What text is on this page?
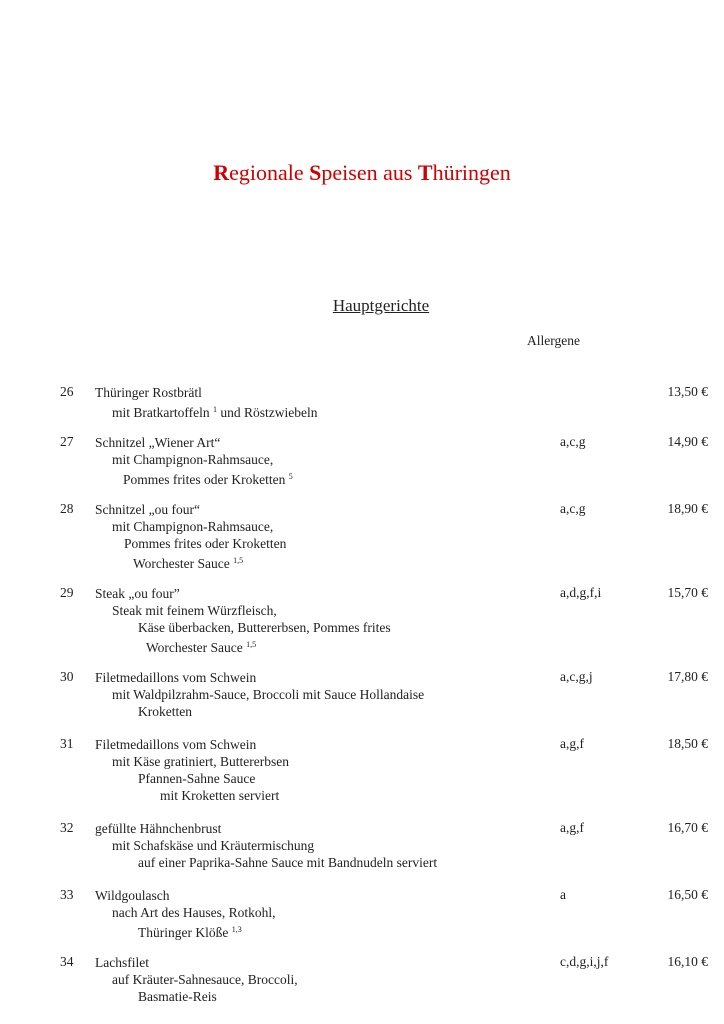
Regionale Speisen aus Thüringen
Hauptgerichte
Allergene
26	13,50 €
Thüringer Rostbrätl
mit Bratkartoffeln $^1$ und Röstzwiebeln
27	a,c,g	14,90 €
Schnitzel „Wiener Art“
mit Champignon-Rahmsauce,
Pommes frites oder Kroketten $^5$
28	a,c,g	18,90 €
Schnitzel „ou four“
mit Champignon-Rahmsauce,
Pommes frites oder Kroketten
Worchester Sauce $^{1,5}$
29	a,d,g,f,i	15,70 €
Steak „ou four”
Steak mit feinem Würzfleisch,
Käse überbacken, Buttererbsen, Pommes frites
Worchester Sauce $^{1,5}$
30	a,c,g,j	17,80 €
Filetmedaillons vom Schwein
mit Waldpilzrahm-Sauce, Broccoli mit Sauce Hollandaise
Kroketten
31	a,g,f	18,50 €
Filetmedaillons vom Schwein
mit Käse gratiniert, Buttererbsen
Pfannen-Sahne Sauce
mit Kroketten serviert
32	a,g,f	16,70 €
gefüllte Hähnchenbrust
mit Schafskäse und Kräutermischung
auf einer Paprika-Sahne Sauce mit Bandnudeln serviert
33	a	16,50 €
Wildgoulasch
nach Art des Hauses, Rotkohl,
Thüringer Klöße $^{1,3}$
34	c,d,g,i,j,f	16,10 €
Lachsfilet
auf Kräuter-Sahnesauce, Broccoli,
Basmatie-Reis
